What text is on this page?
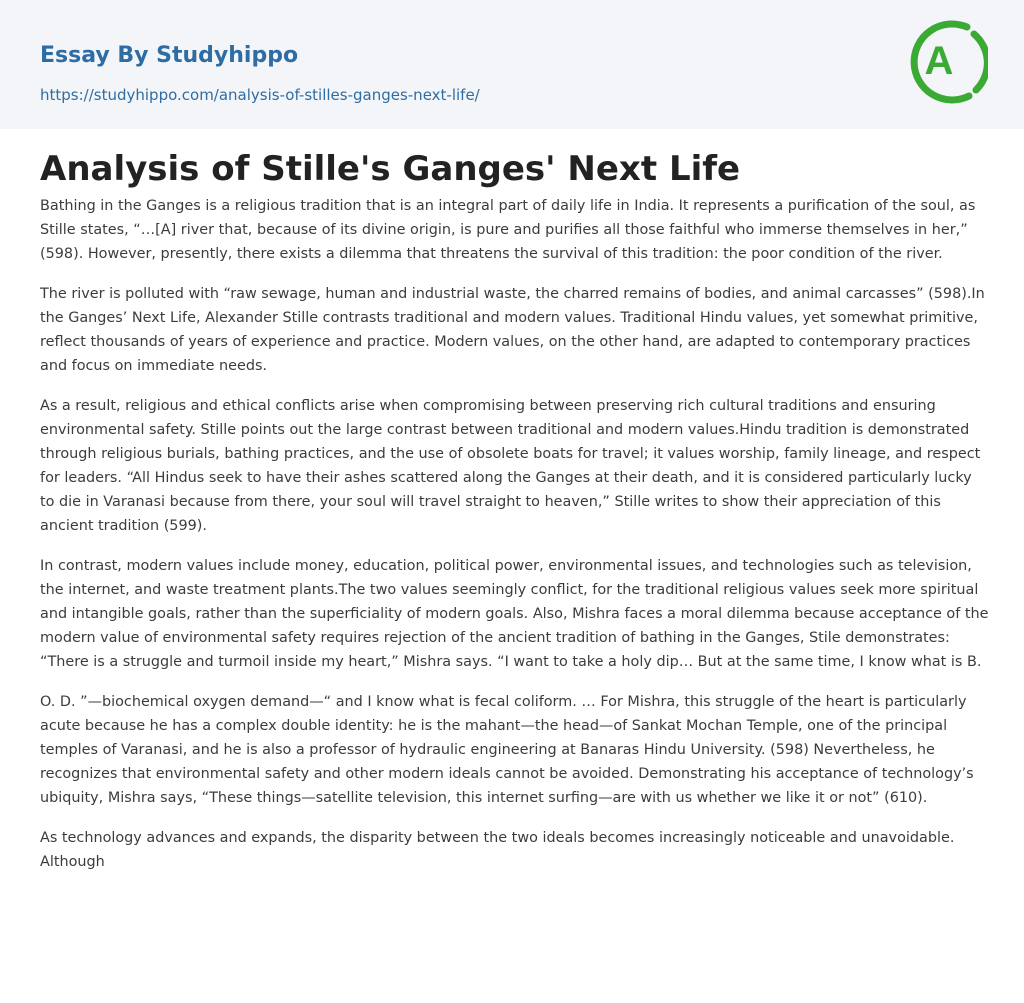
Essay By Studyhippo
https://studyhippo.com/analysis-of-stilles-ganges-next-life/
A
Analysis of Stille's Ganges' Next Life

Bathing in the Ganges is a religious tradition that is an integral part of daily life in India. It represents a purification of the soul, as Stille states, “…[A] river that, because of its divine origin, is pure and purifies all those faithful who immerse themselves in her,” (598). However, presently, there exists a dilemma that threatens the survival of this tradition: the poor condition of the river.

The river is polluted with “raw sewage, human and industrial waste, the charred remains of bodies, and animal carcasses” (598).In the Ganges’ Next Life, Alexander Stille contrasts traditional and modern values. Traditional Hindu values, yet somewhat primitive, reflect thousands of years of experience and practice. Modern values, on the other hand, are adapted to contemporary practices and focus on immediate needs.

As a result, religious and ethical conflicts arise when compromising between preserving rich cultural traditions and ensuring environmental safety. Stille points out the large contrast between traditional and modern values.Hindu tradition is demonstrated through religious burials, bathing practices, and the use of obsolete boats for travel; it values worship, family lineage, and respect for leaders. “All Hindus seek to have their ashes scattered along the Ganges at their death, and it is considered particularly lucky to die in Varanasi because from there, your soul will travel straight to heaven,” Stille writes to show their appreciation of this ancient tradition (599).

In contrast, modern values include money, education, political power, environmental issues, and technologies such as television, the internet, and waste treatment plants.The two values seemingly conflict, for the traditional religious values seek more spiritual and intangible goals, rather than the superficiality of modern goals. Also, Mishra faces a moral dilemma because acceptance of the modern value of environmental safety requires rejection of the ancient tradition of bathing in the Ganges, Stile demonstrates: “There is a struggle and turmoil inside my heart,” Mishra says. “I want to take a holy dip… But at the same time, I know what is B.

O. D. ”—biochemical oxygen demand—“ and I know what is fecal coliform. … For Mishra, this struggle of the heart is particularly acute because he has a complex double identity: he is the mahant—the head—of Sankat Mochan Temple, one of the principal temples of Varanasi, and he is also a professor of hydraulic engineering at Banaras Hindu University. (598) Nevertheless, he recognizes that environmental safety and other modern ideals cannot be avoided. Demonstrating his acceptance of technology’s ubiquity, Mishra says, “These things—satellite television, this internet surfing—are with us whether we like it or not” (610).

As technology advances and expands, the disparity between the two ideals becomes increasingly noticeable and unavoidable. Although
